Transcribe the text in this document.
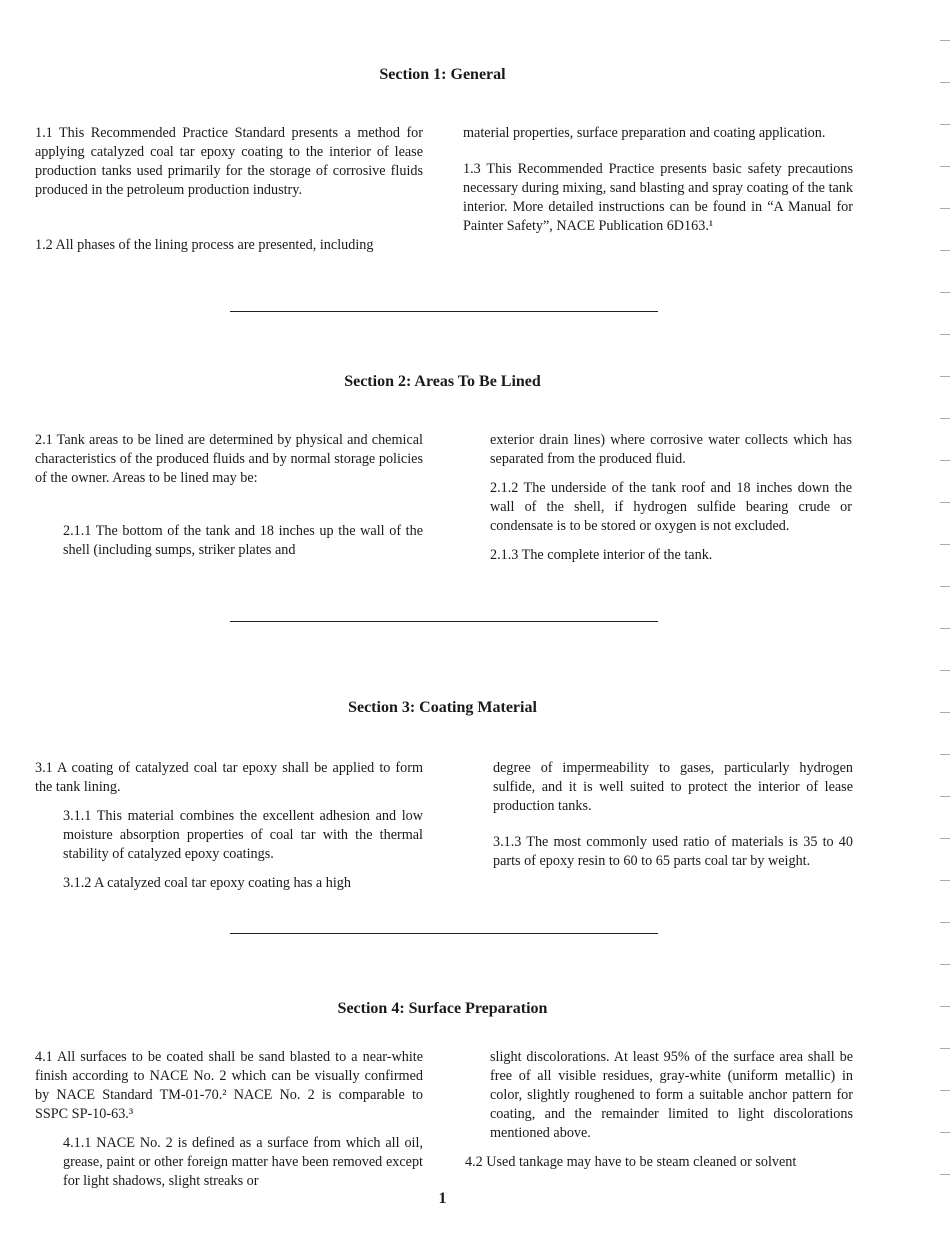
Section 1: General

1.1 This Recommended Practice Standard presents a method for applying catalyzed coal tar epoxy coating to the interior of lease production tanks used primarily for the storage of corrosive fluids produced in the petroleum production industry.

1.2 All phases of the lining process are presented, including

material properties, surface preparation and coating application.

1.3 This Recommended Practice presents basic safety precautions necessary during mixing, sand blasting and spray coating of the tank interior. More detailed instructions can be found in “A Manual for Painter Safety”, NACE Publication 6D163.¹

Section 2: Areas To Be Lined

2.1 Tank areas to be lined are determined by physical and chemical characteristics of the produced fluids and by normal storage policies of the owner. Areas to be lined may be:

2.1.1 The bottom of the tank and 18 inches up the wall of the shell (including sumps, striker plates and

exterior drain lines) where corrosive water collects which has separated from the produced fluid.

2.1.2 The underside of the tank roof and 18 inches down the wall of the shell, if hydrogen sulfide bearing crude or condensate is to be stored or oxygen is not excluded.

2.1.3 The complete interior of the tank.

Section 3: Coating Material

3.1 A coating of catalyzed coal tar epoxy shall be applied to form the tank lining.

3.1.1 This material combines the excellent adhesion and low moisture absorption properties of coal tar with the thermal stability of catalyzed epoxy coatings.

3.1.2 A catalyzed coal tar epoxy coating has a high

degree of impermeability to gases, particularly hydrogen sulfide, and it is well suited to protect the interior of lease production tanks.

3.1.3 The most commonly used ratio of materials is 35 to 40 parts of epoxy resin to 60 to 65 parts coal tar by weight.

Section 4: Surface Preparation

4.1 All surfaces to be coated shall be sand blasted to a near-white finish according to NACE No. 2 which can be visually confirmed by NACE Standard TM-01-70.² NACE No. 2 is comparable to SSPC SP-10-63.³

4.1.1 NACE No. 2 is defined as a surface from which all oil, grease, paint or other foreign matter have been removed except for light shadows, slight streaks or

slight discolorations. At least 95% of the surface area shall be free of all visible residues, gray-white (uniform metallic) in color, slightly roughened to form a suitable anchor pattern for coating, and the remainder limited to light discolorations mentioned above.

4.2 Used tankage may have to be steam cleaned or solvent

1
